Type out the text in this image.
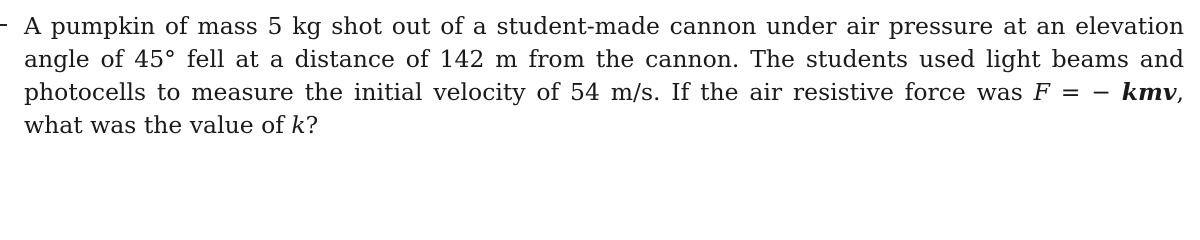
A pumpkin of mass 5 kg shot out of a student-made cannon under air pressure at an elevation angle of 45° fell at a distance of 142 m from the cannon. The students used light beams and photocells to measure the initial velocity of 54 m/s. If the air resistive force was F = − kmv, what was the value of k?
